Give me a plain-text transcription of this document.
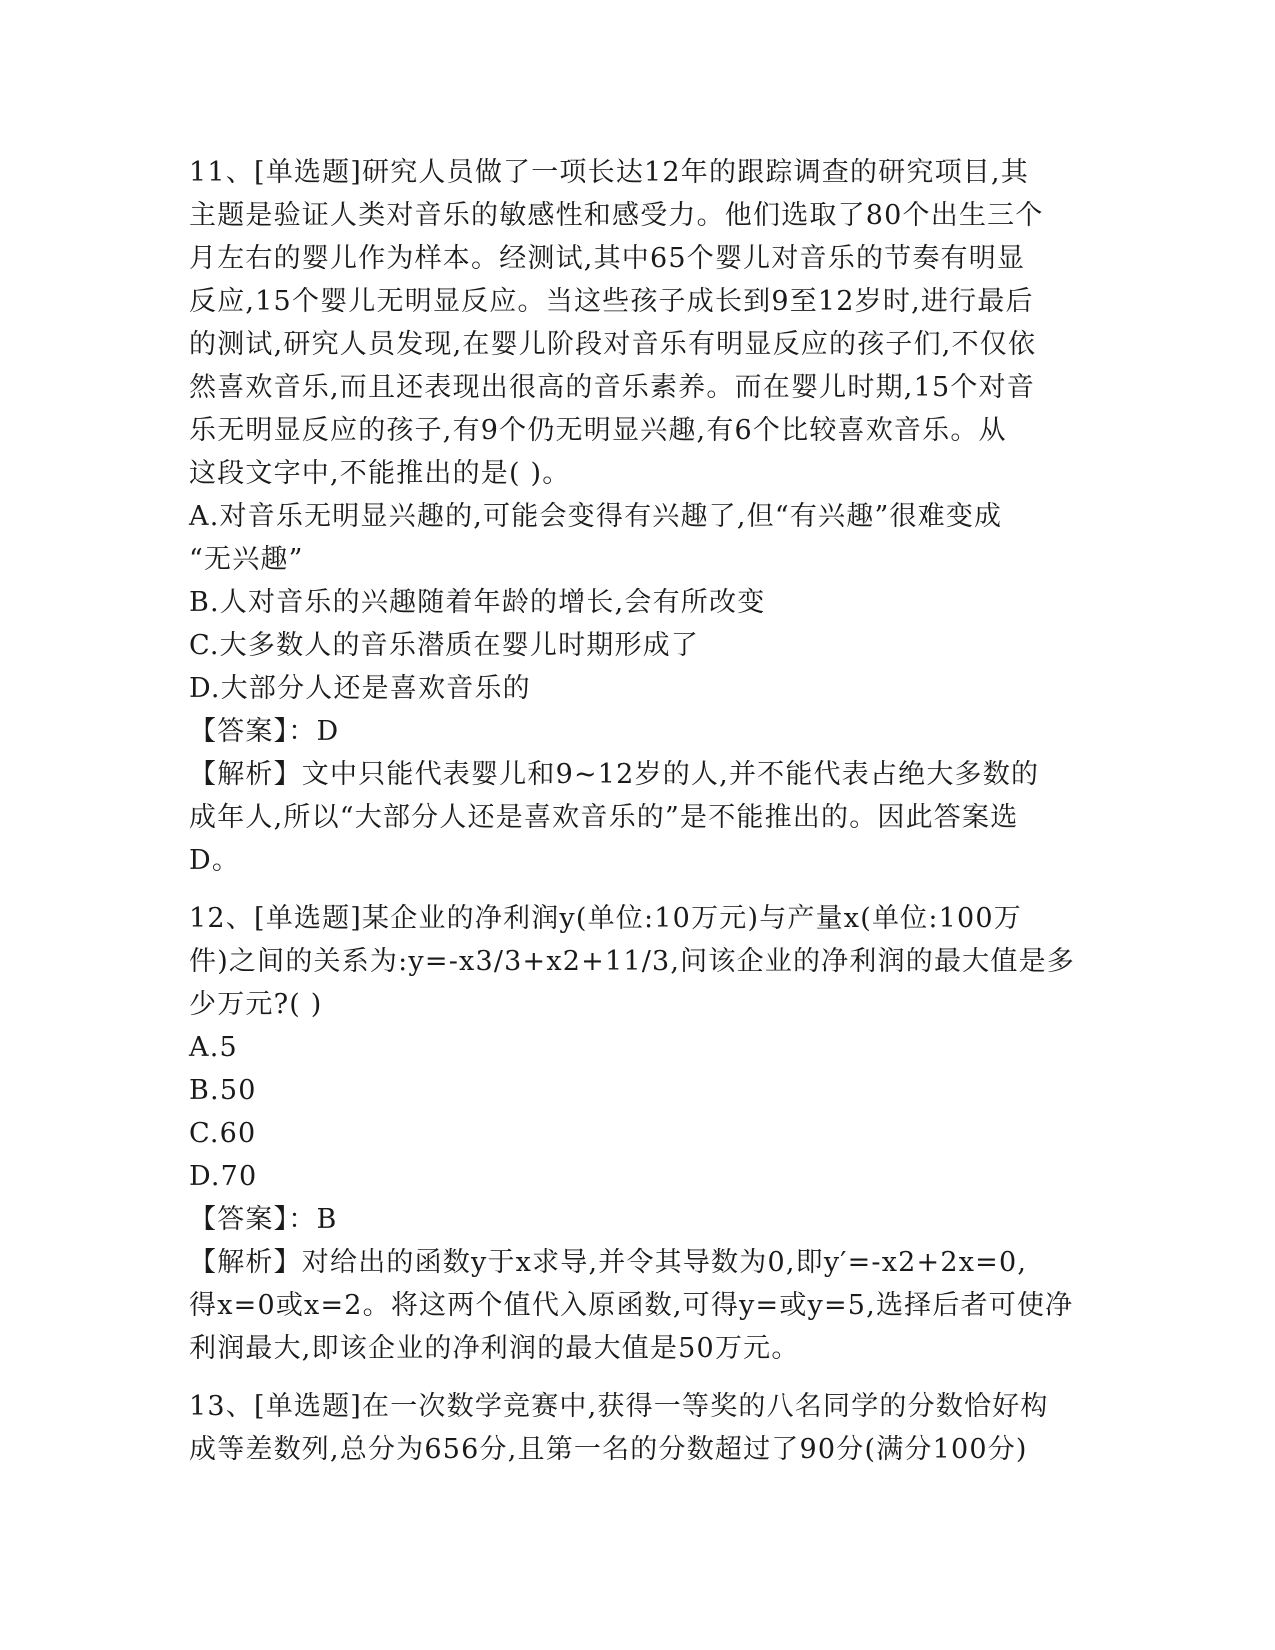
11、[单选题]研究人员做了一项长达12年的跟踪调查的研究项目,其
主题是验证人类对音乐的敏感性和感受力。他们选取了80个出生三个
月左右的婴儿作为样本。经测试,其中65个婴儿对音乐的节奏有明显
反应,15个婴儿无明显反应。当这些孩子成长到9至12岁时,进行最后
的测试,研究人员发现,在婴儿阶段对音乐有明显反应的孩子们,不仅依
然喜欢音乐,而且还表现出很高的音乐素养。而在婴儿时期,15个对音
乐无明显反应的孩子,有9个仍无明显兴趣,有6个比较喜欢音乐。从
这段文字中,不能推出的是( )。
A.对音乐无明显兴趣的,可能会变得有兴趣了,但“有兴趣”很难变成
“无兴趣”
B.人对音乐的兴趣随着年龄的增长,会有所改变
C.大多数人的音乐潜质在婴儿时期形成了
D.大部分人还是喜欢音乐的
【答案】：D
【解析】文中只能代表婴儿和9~12岁的人,并不能代表占绝大多数的
成年人,所以“大部分人还是喜欢音乐的”是不能推出的。因此答案选
D。
12、[单选题]某企业的净利润y(单位:10万元)与产量x(单位:100万
件)之间的关系为:y=-x3/3+x2+11/3,问该企业的净利润的最大值是多
少万元?( )
A.5
B.50
C.60
D.70
【答案】：B
【解析】对给出的函数y于x求导,并令其导数为0,即y′=-x2+2x=0,
得x=0或x=2。将这两个值代入原函数,可得y=或y=5,选择后者可使净
利润最大,即该企业的净利润的最大值是50万元。
13、[单选题]在一次数学竞赛中,获得一等奖的八名同学的分数恰好构
成等差数列,总分为656分,且第一名的分数超过了90分(满分100分)
